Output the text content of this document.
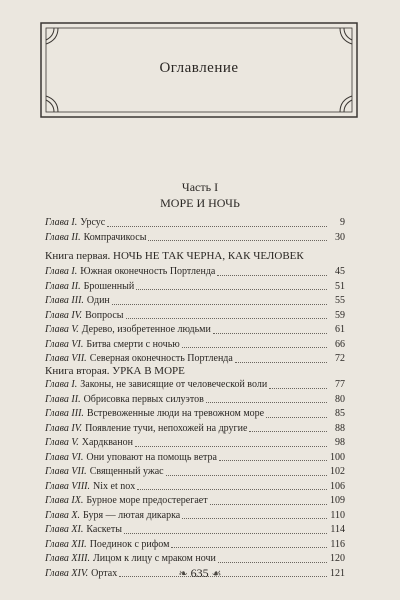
Оглавление
Часть I
МОРЕ И НОЧЬ
Глава I. Урсус	9
Глава II. Компрачикосы	30
Книга первая. НОЧЬ НЕ ТАК ЧЕРНА, КАК ЧЕЛОВЕК
Глава I. Южная оконечность Портленда	45
Глава II. Брошенный	51
Глава III. Один	55
Глава IV. Вопросы	59
Глава V. Дерево, изобретенное людьми	61
Глава VI. Битва смерти с ночью	66
Глава VII. Северная оконечность Портленда	72
Книга вторая. УРКА В МОРЕ
Глава I. Законы, не зависящие от человеческой воли	77
Глава II. Обрисовка первых силуэтов	80
Глава III. Встревоженные люди на тревожном море	85
Глава IV. Появление тучи, непохожей на другие	88
Глава V. Хардкванон	98
Глава VI. Они уповают на помощь ветра	100
Глава VII. Священный ужас	102
Глава VIII. Nix et nox	106
Глава IX. Бурное море предостерегает	109
Глава X. Буря — лютая дикарка	110
Глава XI. Каскеты	114
Глава XII. Поединок с рифом	116
Глава XIII. Лицом к лицу с мраком ночи	120
Глава XIV. Ортах	121
❧ 635 ☙
